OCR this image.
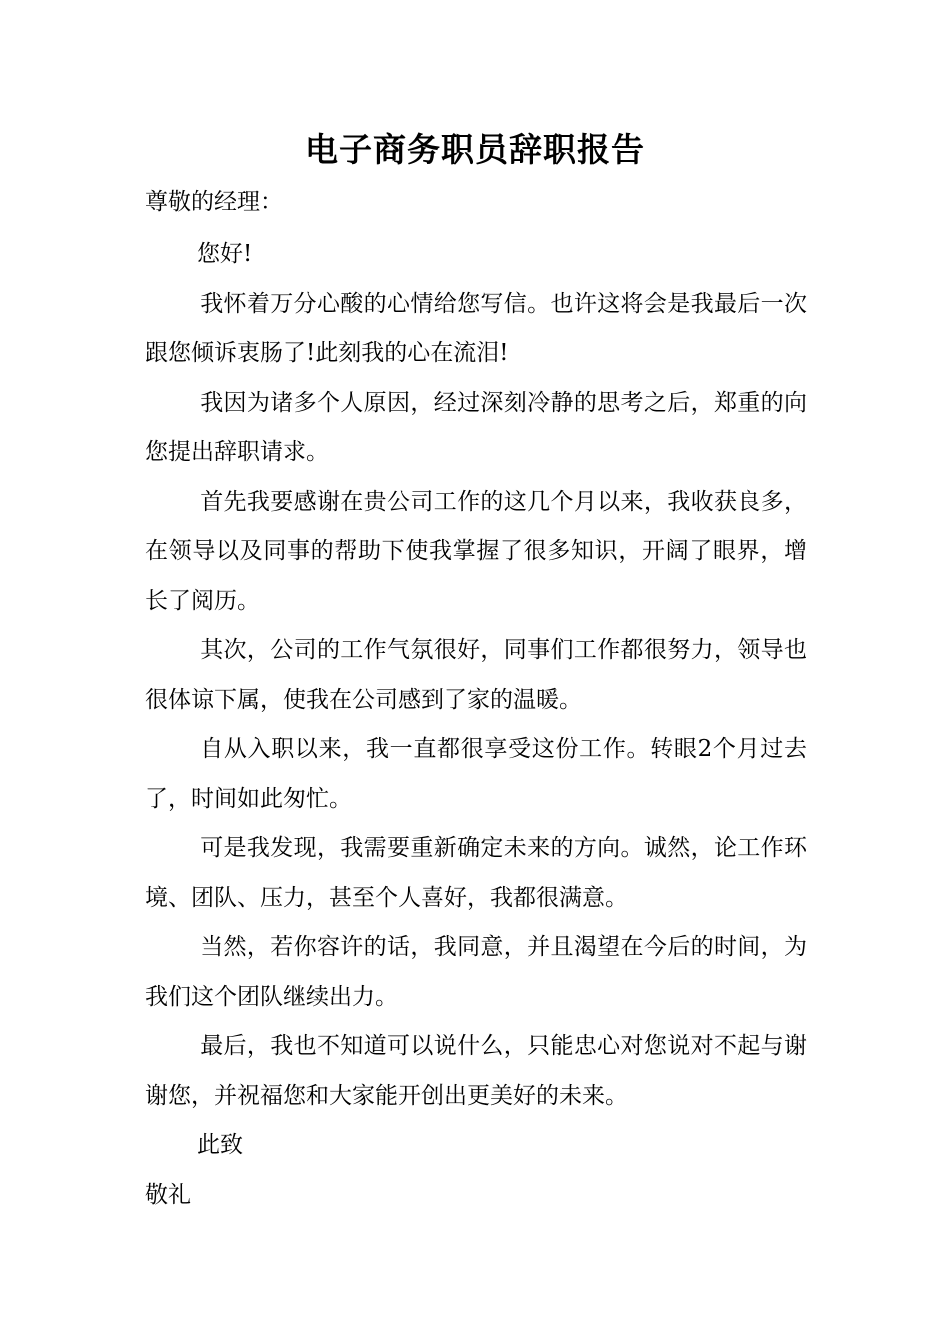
电子商务职员辞职报告
尊敬的经理：

您好!

我怀着万分心酸的心情给您写信。也许这将会是我最后一次跟您倾诉衷肠了!此刻我的心在流泪!

我因为诸多个人原因，经过深刻冷静的思考之后，郑重的向您提出辞职请求。

首先我要感谢在贵公司工作的这几个月以来，我收获良多，在领导以及同事的帮助下使我掌握了很多知识，开阔了眼界，增长了阅历。

其次，公司的工作气氛很好，同事们工作都很努力，领导也很体谅下属，使我在公司感到了家的温暖。

自从入职以来，我一直都很享受这份工作。转眼2个月过去了，时间如此匆忙。

可是我发现，我需要重新确定未来的方向。诚然，论工作环境、团队、压力，甚至个人喜好，我都很满意。

当然，若你容许的话，我同意，并且渴望在今后的时间，为我们这个团队继续出力。

最后，我也不知道可以说什么，只能忠心对您说对不起与谢谢您，并祝福您和大家能开创出更美好的未来。

此致

敬礼
